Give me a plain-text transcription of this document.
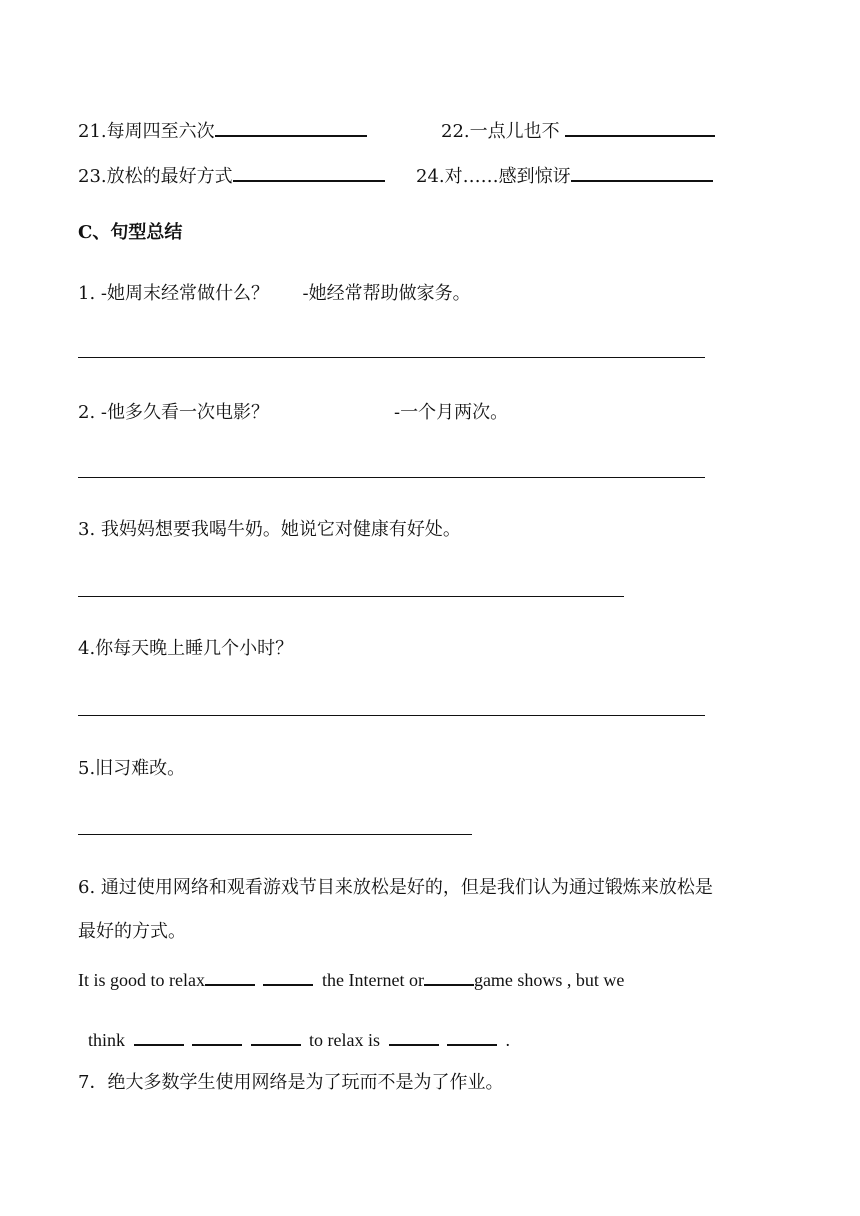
21.每周四至六次	22.一点儿也不
23.放松的最好方式	24.对……感到惊讶
C、句型总结
1. -她周末经常做什么？ -她经常帮助做家务。
2. -他多久看一次电影？	-一个月两次。
3. 我妈妈想要我喝牛奶。她说它对健康有好处。
4.你每天晚上睡几个小时？
5.旧习难改。
6. 通过使用网络和观看游戏节目来放松是好的，但是我们认为通过锻炼来放松是
最好的方式。
It is good to relax	the Internet or	game shows , but we
think	to relax is	.
7．绝大多数学生使用网络是为了玩而不是为了作业。
